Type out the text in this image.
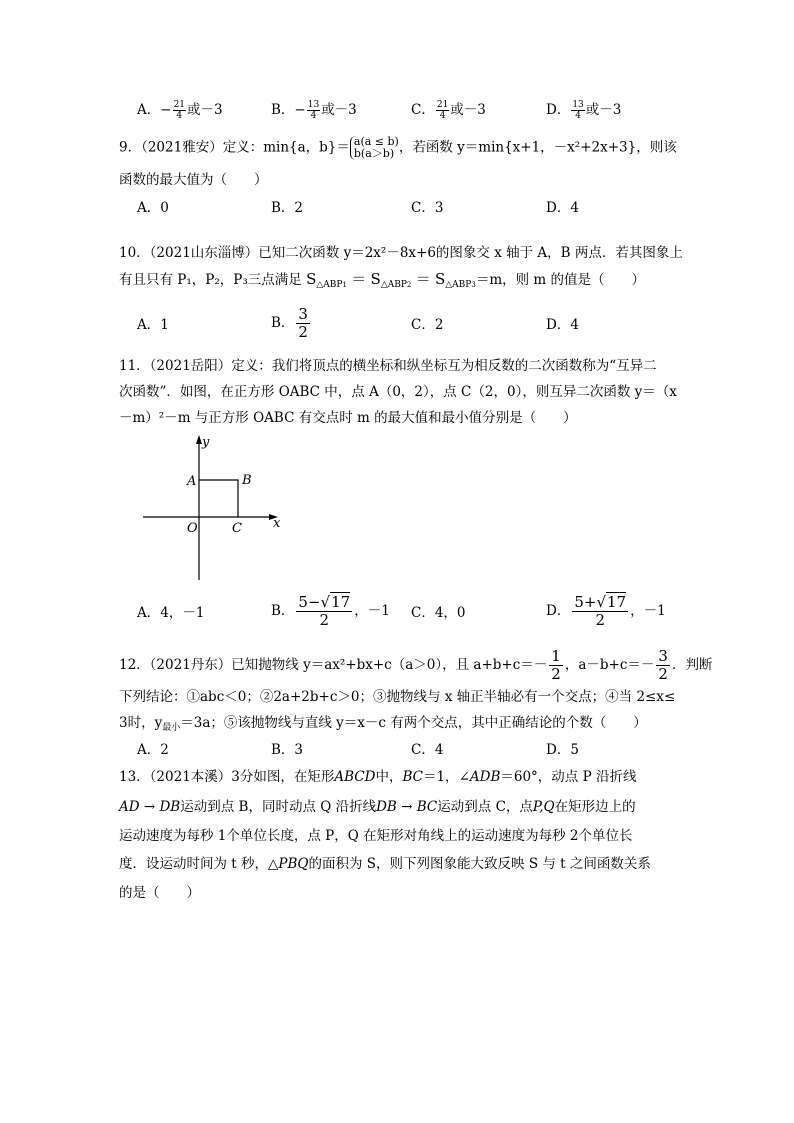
A．− $\frac{21}{4}$ 或－3	B．− $\frac{13}{4}$ 或－3	C． $\frac{21}{4}$ 或－3	D． $\frac{13}{4}$ 或－3
9．（2021雅安）定义：min{a，b}＝ a(a ≤ b)
b(a＞b) ，若函数 y＝min{x+1，－x²+2x+3}，则该
函数的最大值为（　　）
A．0	B．2	C．3	D．4
10．（2021山东淄博）已知二次函数 y＝2x²－8x+6的图象交 x 轴于 A，B 两点．若其图象上
有且只有 P₁，P₂，P₃三点满足 $S_{\triangle ABP1} = S_{\triangle ABP2} = S_{\triangle ABP3}=m$，则 m 的值是（　　）
A．1	B． $\frac{3}{2}$	C．2	D．4
11．（2021岳阳）定义：我们将顶点的横坐标和纵坐标互为相反数的二次函数称为“互异二
次函数”．如图，在正方形 OABC 中，点 A（0，2），点 C（2，0），则互异二次函数 y＝（x
－m）²－m 与正方形 OABC 有交点时 m 的最大值和最小值分别是（　　）
y
x
A	B
O	C
A．4，－1	B． $\frac{5-√17}{2}$ ，－1 C．4，0	D． $\frac{5+√17}{2}$ ，－1
12．（2021丹东）已知抛物线 y＝ax²+bx+c（a＞0），且 $a+b+c=- \frac{1}{2}$ ，$a-b+c=- \frac{3}{2}$ ．判断
下列结论：①abc＜0；②2a+2b+c＞0；③抛物线与 x 轴正半轴必有一个交点；④当 2≤x≤
3时，$y_{最小}=3a$；⑤该抛物线与直线 y＝x－c 有两个交点，其中正确结论的个数（　　）
A．2	B．3	C．4	D．5
13．（2021本溪）3分如图，在矩形ABCD中，BC＝1，∠ADB＝60°，动点 P 沿折线
AD → DB运动到点 B，同时动点 Q 沿折线DB → BC运动到点 C，点P,Q在矩形边上的
运动速度为每秒 1个单位长度，点 P，Q 在矩形对角线上的运动速度为每秒 2个单位长
度．设运动时间为 t 秒，△PBQ的面积为 S，则下列图象能大致反映 S 与 t 之间函数关系
的是（　　）
